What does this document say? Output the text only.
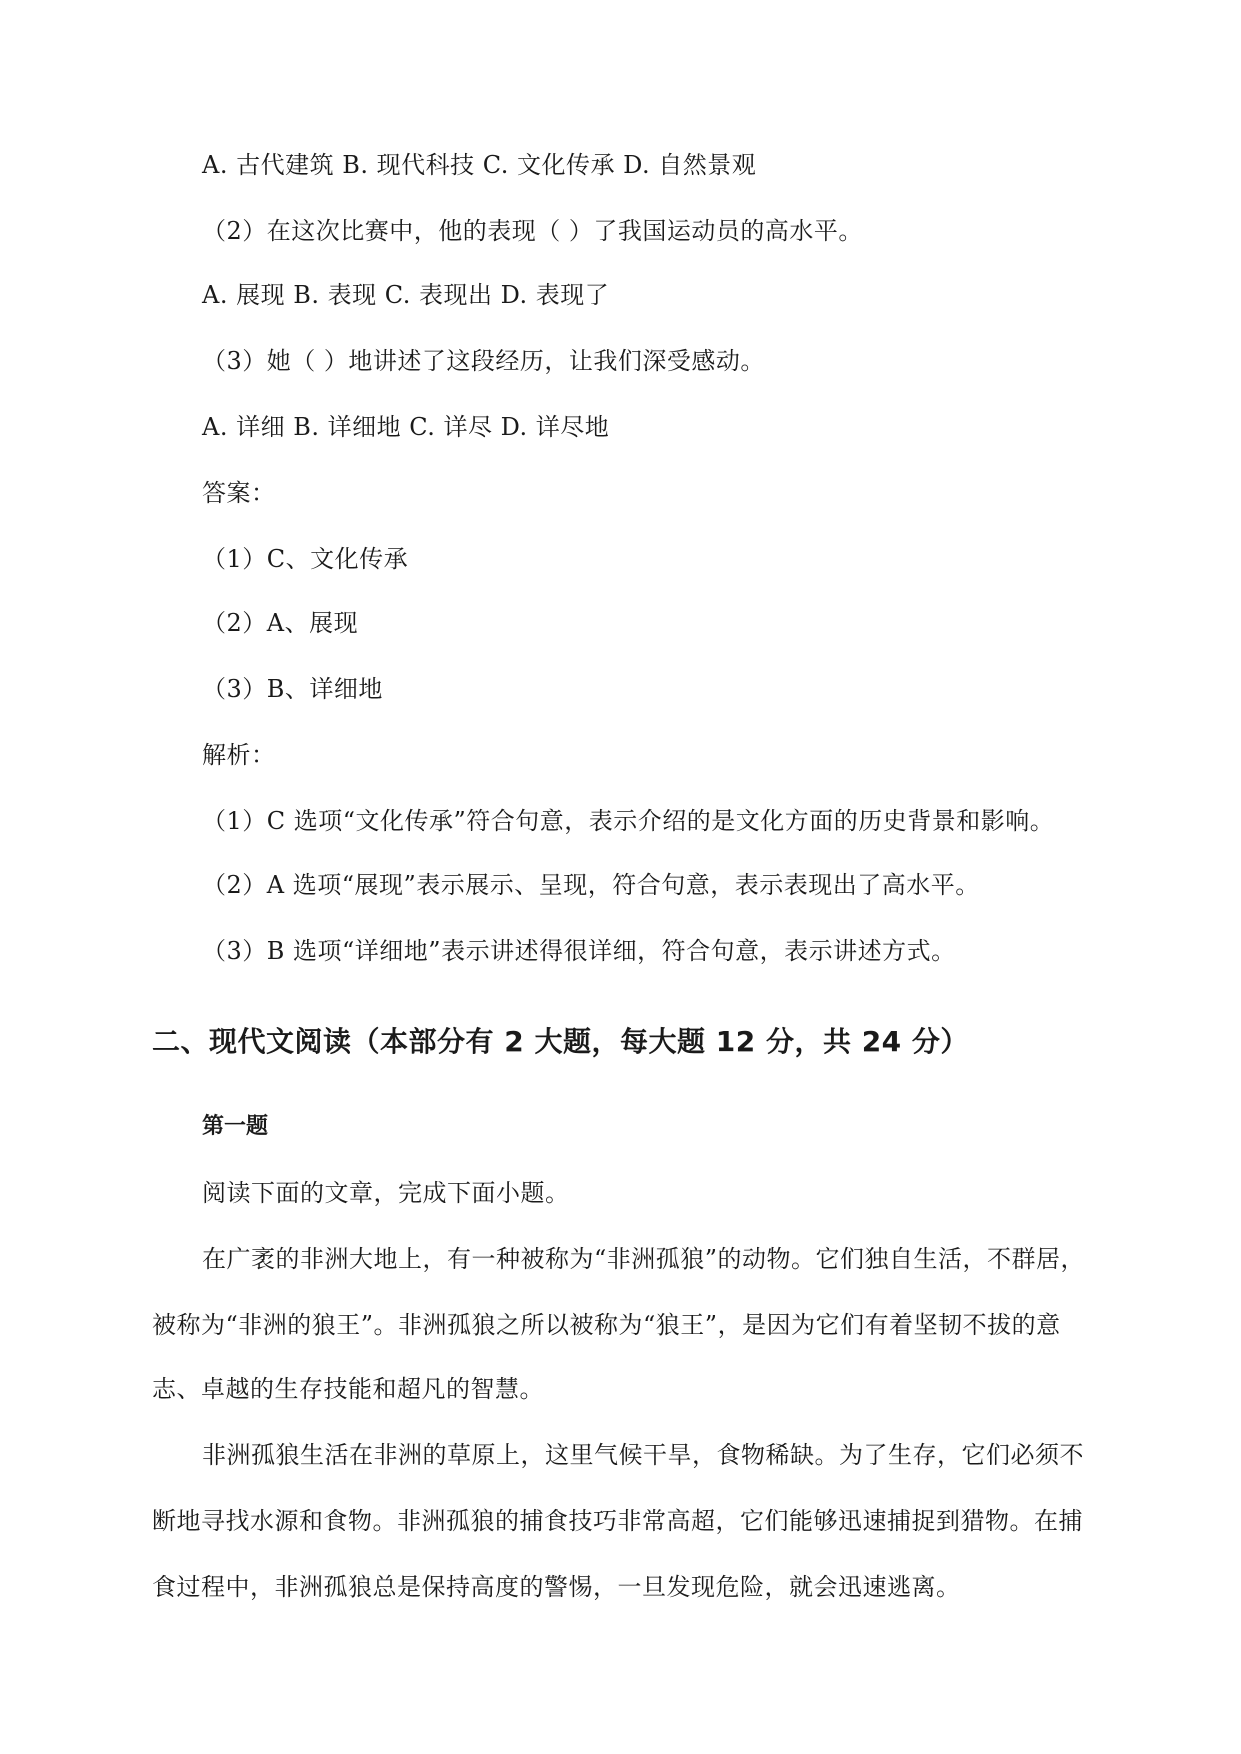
A. 古代建筑 B. 现代科技 C. 文化传承 D. 自然景观
（2）在这次比赛中，他的表现（ ）了我国运动员的高水平。
A. 展现 B. 表现 C. 表现出 D. 表现了
（3）她（ ）地讲述了这段经历，让我们深受感动。
A. 详细 B. 详细地 C. 详尽 D. 详尽地
答案：
（1）C、文化传承
（2）A、展现
（3）B、详细地
解析：
（1）C 选项“文化传承”符合句意，表示介绍的是文化方面的历史背景和影响。
（2）A 选项“展现”表示展示、呈现，符合句意，表示表现出了高水平。
（3）B 选项“详细地”表示讲述得很详细，符合句意，表示讲述方式。
二、现代文阅读（本部分有 2 大题，每大题 12 分，共 24 分）
第一题
阅读下面的文章，完成下面小题。
在广袤的非洲大地上，有一种被称为“非洲孤狼”的动物。它们独自生活，不群居，
被称为“非洲的狼王”。非洲孤狼之所以被称为“狼王”，是因为它们有着坚韧不拔的意
志、卓越的生存技能和超凡的智慧。
非洲孤狼生活在非洲的草原上，这里气候干旱，食物稀缺。为了生存，它们必须不
断地寻找水源和食物。非洲孤狼的捕食技巧非常高超，它们能够迅速捕捉到猎物。在捕
食过程中，非洲孤狼总是保持高度的警惕，一旦发现危险，就会迅速逃离。
